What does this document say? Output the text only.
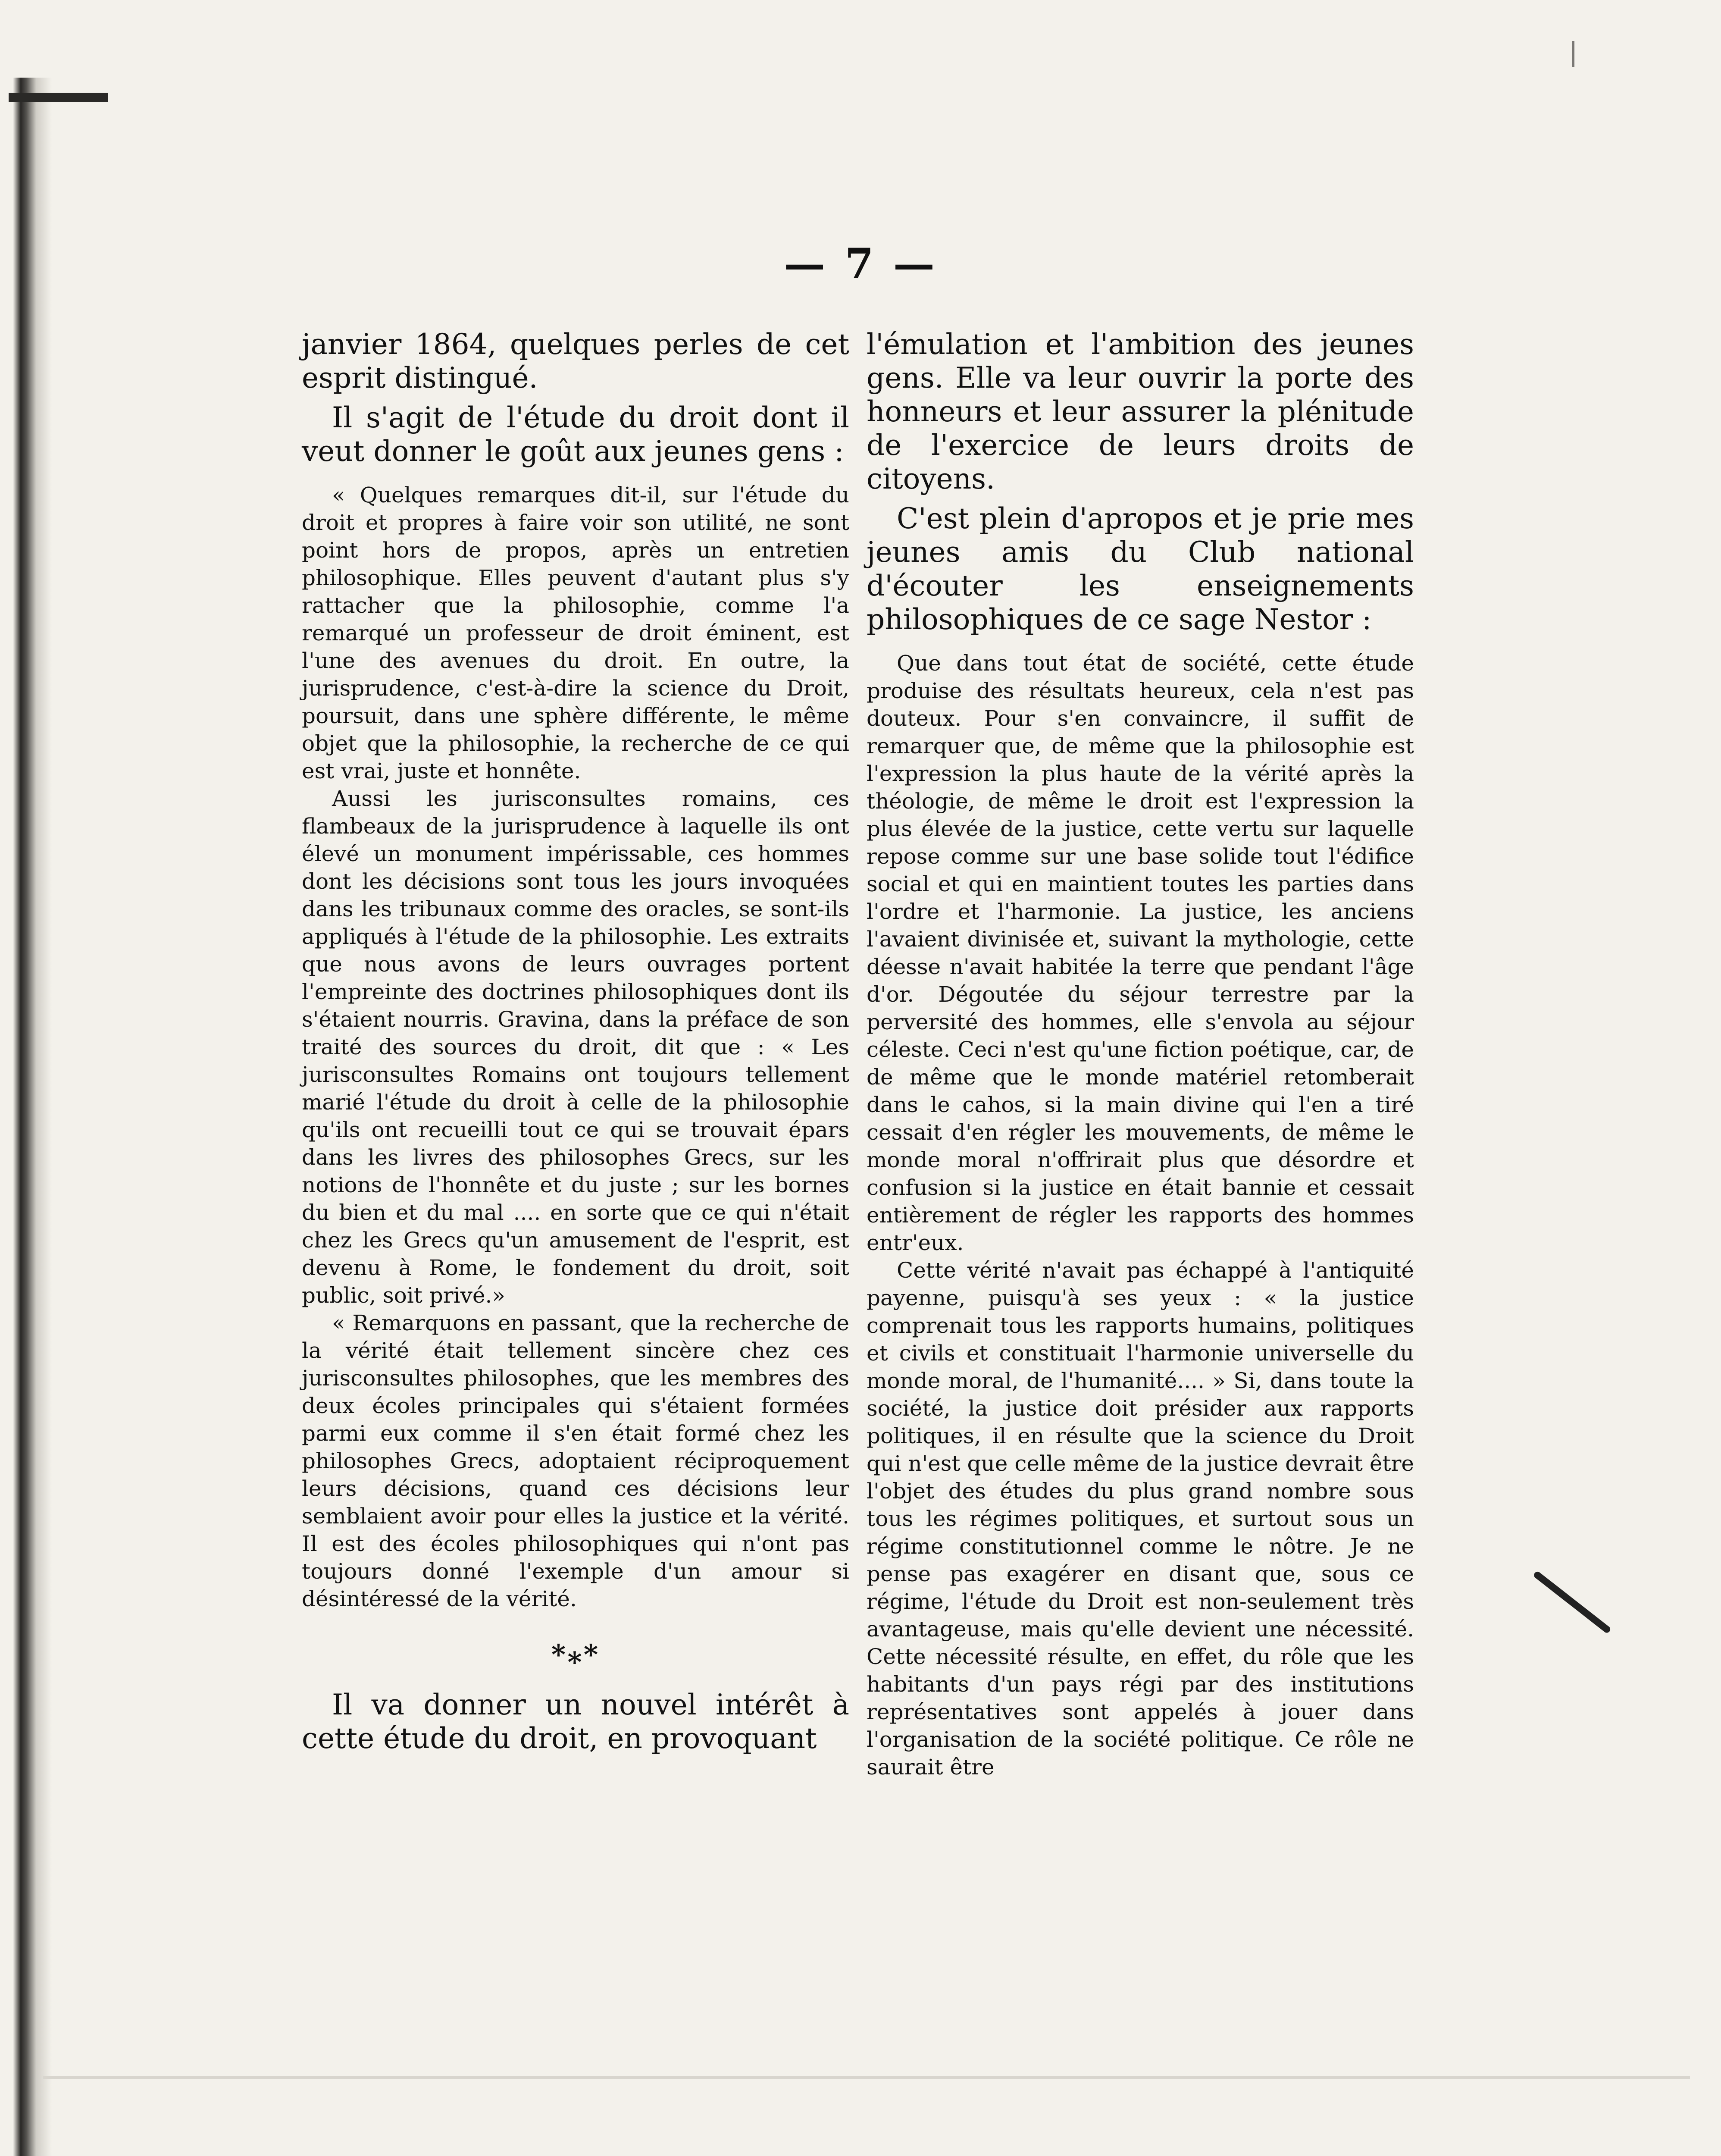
— 7 —

janvier 1864, quelques perles de cet esprit distingué.

Il s'agit de l'étude du droit dont il veut donner le goût aux jeunes gens :

« Quelques remarques dit-il, sur l'étude du droit et propres à faire voir son utilité, ne sont point hors de propos, après un entretien philosophique. Elles peuvent d'autant plus s'y rattacher que la philosophie, comme l'a remarqué un professeur de droit éminent, est l'une des avenues du droit. En outre, la jurisprudence, c'est-à-dire la science du Droit, poursuit, dans une sphère différente, le même objet que la philosophie, la recherche de ce qui est vrai, juste et honnête.

Aussi les jurisconsultes romains, ces flambeaux de la jurisprudence à laquelle ils ont élevé un monument impérissable, ces hommes dont les décisions sont tous les jours invoquées dans les tribunaux comme des oracles, se sont-ils appliqués à l'étude de la philosophie. Les extraits que nous avons de leurs ouvrages portent l'empreinte des doctrines philosophiques dont ils s'étaient nourris. Gravina, dans la préface de son traité des sources du droit, dit que : « Les jurisconsultes Romains ont toujours tellement marié l'étude du droit à celle de la philosophie qu'ils ont recueilli tout ce qui se trouvait épars dans les livres des philosophes Grecs, sur les notions de l'honnête et du juste ; sur les bornes du bien et du mal .... en sorte que ce qui n'était chez les Grecs qu'un amusement de l'esprit, est devenu à Rome, le fondement du droit, soit public, soit privé.»

« Remarquons en passant, que la recherche de la vérité était tellement sincère chez ces jurisconsultes philosophes, que les membres des deux écoles principales qui s'étaient formées parmi eux comme il s'en était formé chez les philosophes Grecs, adoptaient réciproquement leurs décisions, quand ces décisions leur semblaient avoir pour elles la justice et la vérité. Il est des écoles philosophiques qui n'ont pas toujours donné l'exemple d'un amour si désintéressé de la vérité.

*⁎*

Il va donner un nouvel intérêt à cette étude du droit, en provoquant

l'émulation et l'ambition des jeunes gens. Elle va leur ouvrir la porte des honneurs et leur assurer la plénitude de l'exercice de leurs droits de citoyens.

C'est plein d'apropos et je prie mes jeunes amis du Club national d'écouter les enseignements philosophiques de ce sage Nestor :

Que dans tout état de société, cette étude produise des résultats heureux, cela n'est pas douteux. Pour s'en convaincre, il suffit de remarquer que, de même que la philosophie est l'expression la plus haute de la vérité après la théologie, de même le droit est l'expression la plus élevée de la justice, cette vertu sur laquelle repose comme sur une base solide tout l'édifice social et qui en maintient toutes les parties dans l'ordre et l'harmonie. La justice, les anciens l'avaient divinisée et, suivant la mythologie, cette déesse n'avait habitée la terre que pendant l'âge d'or. Dégoutée du séjour terrestre par la perversité des hommes, elle s'envola au séjour céleste. Ceci n'est qu'une fiction poétique, car, de de même que le monde matériel retomberait dans le cahos, si la main divine qui l'en a tiré cessait d'en régler les mouvements, de même le monde moral n'offrirait plus que désordre et confusion si la justice en était bannie et cessait entièrement de régler les rapports des hommes entr'eux.

Cette vérité n'avait pas échappé à l'antiquité payenne, puisqu'à ses yeux : « la justice comprenait tous les rapports humains, politiques et civils et constituait l'harmonie universelle du monde moral, de l'humanité.... » Si, dans toute la société, la justice doit présider aux rapports politiques, il en résulte que la science du Droit qui n'est que celle même de la justice devrait être l'objet des études du plus grand nombre sous tous les régimes politiques, et surtout sous un régime constitutionnel comme le nôtre. Je ne pense pas exagérer en disant que, sous ce régime, l'étude du Droit est non-seulement très avantageuse, mais qu'elle devient une nécessité. Cette nécessité résulte, en effet, du rôle que les habitants d'un pays régi par des institutions représentatives sont appelés à jouer dans l'organisation de la société politique. Ce rôle ne saurait être
